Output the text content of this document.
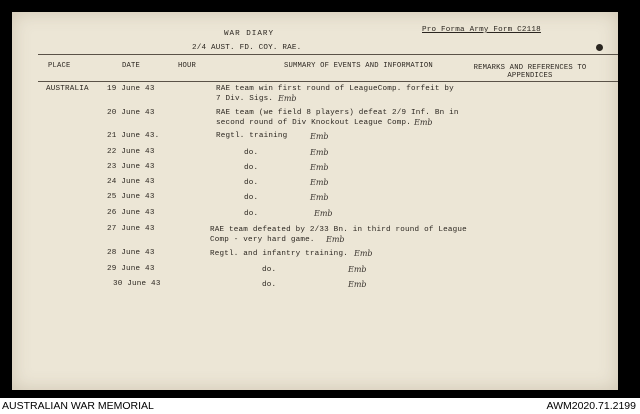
Pro Forma Army Form C2118
WAR DIARY
2/4 AUST. FD. COY. RAE.
PLACE	DATE	HOUR	SUMMARY OF EVENTS AND INFORMATION	REMARKS AND REFERENCES TO APPENDICES
AUSTRALIA 19 June 43	RAE team win first round of LeagueComp. forfeit by
7 Div. Sigs. Emb
20 June 43	RAE team (we field 8 players) defeat 2/9 Inf. Bn in
second round of Div Knockout League Comp. Emb
21 June 43.	Regtl. training	Emb
22 June 43	do.	Emb
23 June 43	do.	Emb
24 June 43	do.	Emb
25 June 43	do.	Emb
26 June 43	do.	Emb
27 June 43	RAE team defeated by 2/33 Bn. in third round of League
Comp - very hard game. Emb
28 June 43	Regtl. and infantry training. Emb
29 June 43	do.	Emb
30 June 43	do.	Emb
AUSTRALIAN WAR MEMORIAL	AWM2020.71.2199
